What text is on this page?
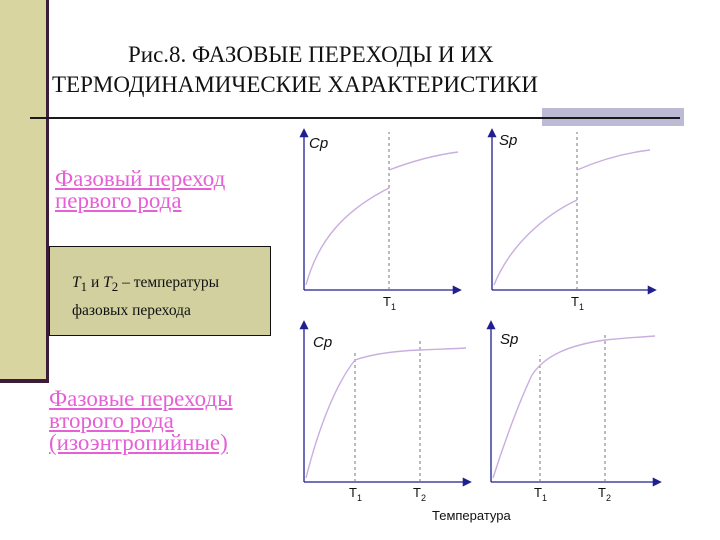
Рис.8. ФАЗОВЫЕ ПЕРЕХОДЫ И ИХ
ТЕРМОДИНАМИЧЕСКИЕ ХАРАКТЕРИСТИКИ
Фазовый переход
первого рода
$T_1$ и $T_2$ – температуры
фазовых перехода
Фазовые переходы
второго рода
(изоэнтропийные)
Cp
$T_1$
Sp
$T_1$
Cp
$T_1$	$T_2$
Sp
$T_1$	$T_2$
Температура
